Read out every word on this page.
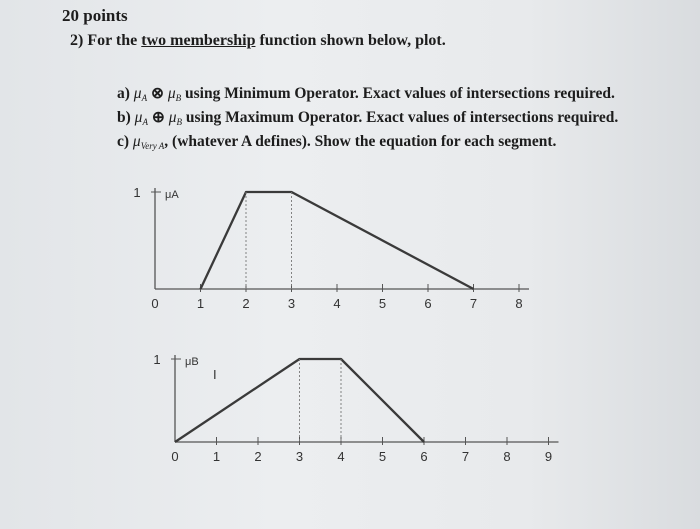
20 points
2) For the two membership function shown below, plot.
a) $\mu_A$ ⊗ $\mu_B$ using Minimum Operator. Exact values of intersections required.
b) $\mu_A$ ⊕ $\mu_B$ using Maximum Operator. Exact values of intersections required.
c) $\mu_{Very A}$, (whatever A defines). Show the equation for each segment.
0	1	2	3	4	5	6	7	8
1 μA
0	1	2	3	4	5	6	7	8	9
1 μB
I
